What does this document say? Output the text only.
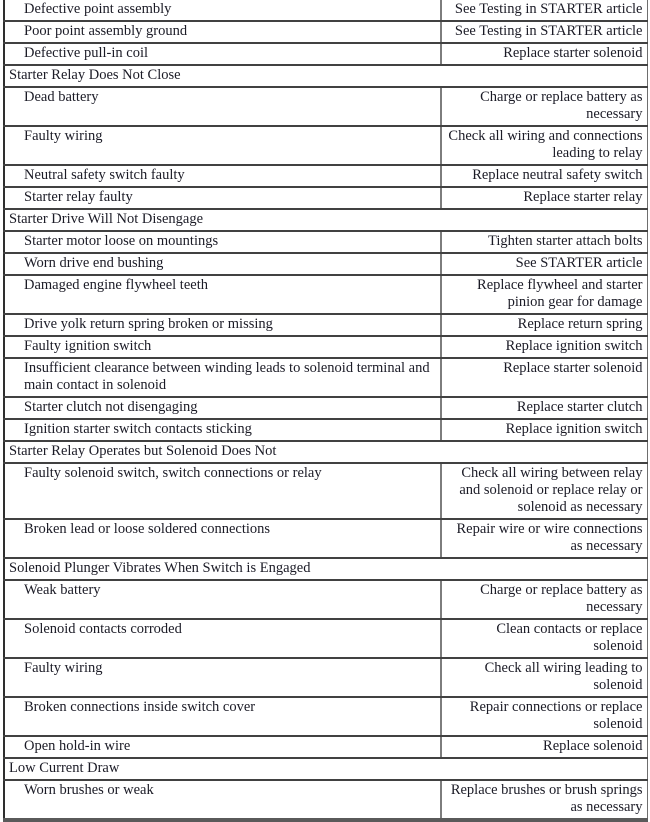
Defective point assembly	See Testing in STARTER article
Poor point assembly ground	See Testing in STARTER article
Defective pull-in coil	Replace starter solenoid
Starter Relay Does Not Close	
Dead battery	Charge or replace battery as necessary
Faulty wiring	Check all wiring and connections leading to relay
Neutral safety switch faulty	Replace neutral safety switch
Starter relay faulty	Replace starter relay
Starter Drive Will Not Disengage	
Starter motor loose on mountings	Tighten starter attach bolts
Worn drive end bushing	See STARTER article
Damaged engine flywheel teeth	Replace flywheel and starter pinion gear for damage
Drive yolk return spring broken or missing	Replace return spring
Faulty ignition switch	Replace ignition switch
Insufficient clearance between winding leads to solenoid terminal and main contact in solenoid	Replace starter solenoid
Starter clutch not disengaging	Replace starter clutch
Ignition starter switch contacts sticking	Replace ignition switch
Starter Relay Operates but Solenoid Does Not	
Faulty solenoid switch, switch connections or relay	Check all wiring between relay and solenoid or replace relay or solenoid as necessary
Broken lead or loose soldered connections	Repair wire or wire connections as necessary
Solenoid Plunger Vibrates When Switch is Engaged	
Weak battery	Charge or replace battery as necessary
Solenoid contacts corroded	Clean contacts or replace solenoid
Faulty wiring	Check all wiring leading to solenoid
Broken connections inside switch cover	Repair connections or replace solenoid
Open hold-in wire	Replace solenoid
Low Current Draw	
Worn brushes or weak	Replace brushes or brush springs as necessary
